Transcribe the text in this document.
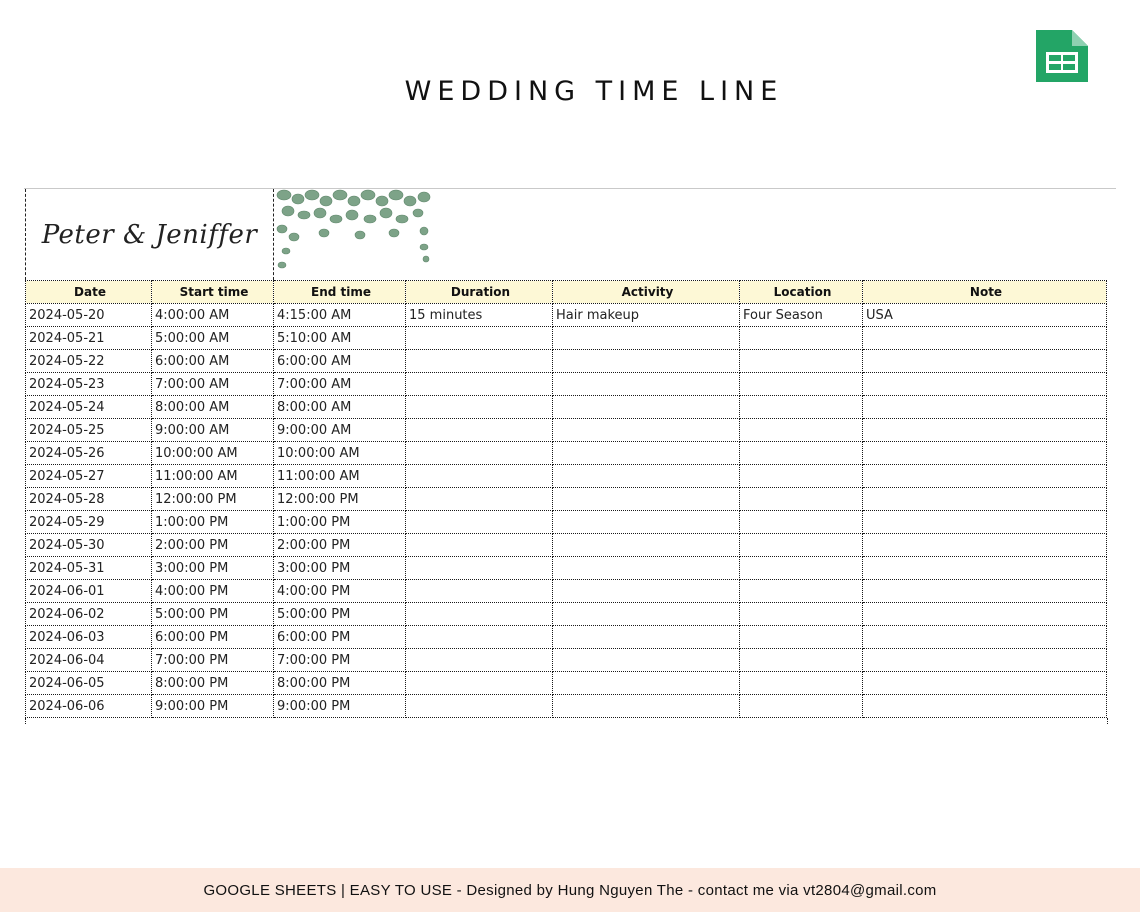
WEDDING TIME LINE
Peter & Jeniffer
Date	Start time	End time	Duration	Activity	Location	Note
2024-05-20	4:00:00 AM	4:15:00 AM	15 minutes	Hair makeup	Four Season	USA
2024-05-21	5:00:00 AM	5:10:00 AM				
2024-05-22	6:00:00 AM	6:00:00 AM				
2024-05-23	7:00:00 AM	7:00:00 AM				
2024-05-24	8:00:00 AM	8:00:00 AM				
2024-05-25	9:00:00 AM	9:00:00 AM				
2024-05-26	10:00:00 AM	10:00:00 AM				
2024-05-27	11:00:00 AM	11:00:00 AM				
2024-05-28	12:00:00 PM	12:00:00 PM				
2024-05-29	1:00:00 PM	1:00:00 PM				
2024-05-30	2:00:00 PM	2:00:00 PM				
2024-05-31	3:00:00 PM	3:00:00 PM				
2024-06-01	4:00:00 PM	4:00:00 PM				
2024-06-02	5:00:00 PM	5:00:00 PM				
2024-06-03	6:00:00 PM	6:00:00 PM				
2024-06-04	7:00:00 PM	7:00:00 PM				
2024-06-05	8:00:00 PM	8:00:00 PM				
2024-06-06	9:00:00 PM	9:00:00 PM				
GOOGLE SHEETS | EASY TO USE - Designed by Hung Nguyen The - contact me via vt2804@gmail.com
